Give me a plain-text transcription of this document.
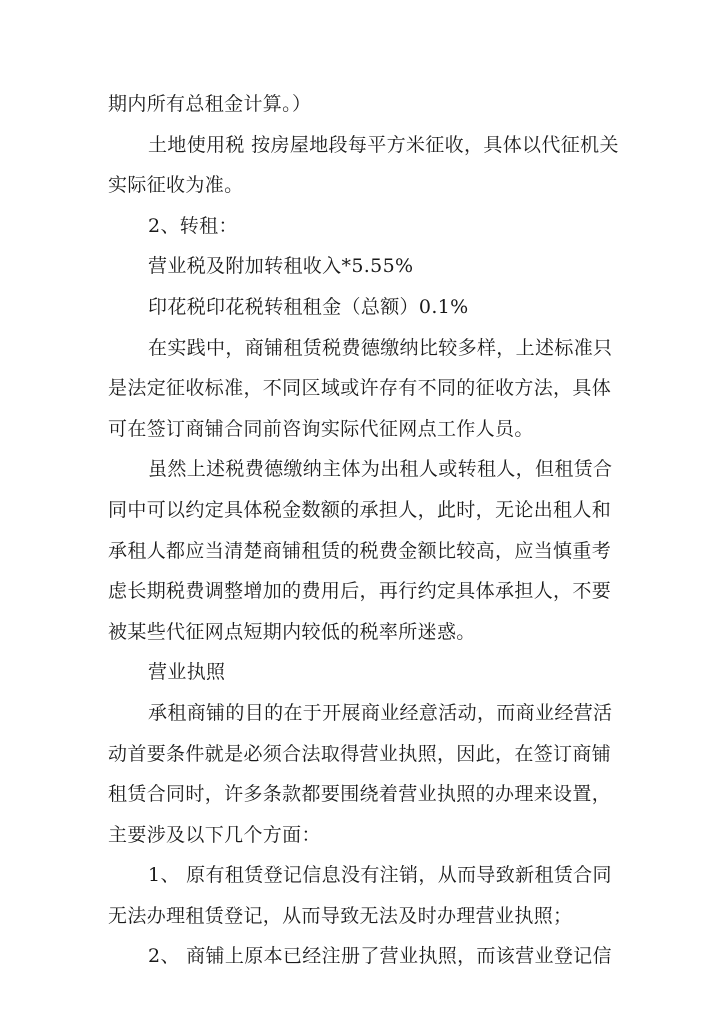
期内所有总租金计算。）
土地使用税 按房屋地段每平方米征收，具体以代征机关
实际征收为准。
2、转租：
营业税及附加转租收入*5.55%
印花税印花税转租租金（总额）0.1%
在实践中，商铺租赁税费德缴纳比较多样，上述标准只
是法定征收标准，不同区域或许存有不同的征收方法，具体
可在签订商铺合同前咨询实际代征网点工作人员。
虽然上述税费德缴纳主体为出租人或转租人，但租赁合
同中可以约定具体税金数额的承担人，此时，无论出租人和
承租人都应当清楚商铺租赁的税费金额比较高，应当慎重考
虑长期税费调整增加的费用后，再行约定具体承担人，不要
被某些代征网点短期内较低的税率所迷惑。
营业执照
承租商铺的目的在于开展商业经意活动，而商业经营活
动首要条件就是必须合法取得营业执照，因此，在签订商铺
租赁合同时，许多条款都要围绕着营业执照的办理来设置，
主要涉及以下几个方面：
1、 原有租赁登记信息没有注销，从而导致新租赁合同
无法办理租赁登记，从而导致无法及时办理营业执照；
2、 商铺上原本已经注册了营业执照，而该营业登记信
